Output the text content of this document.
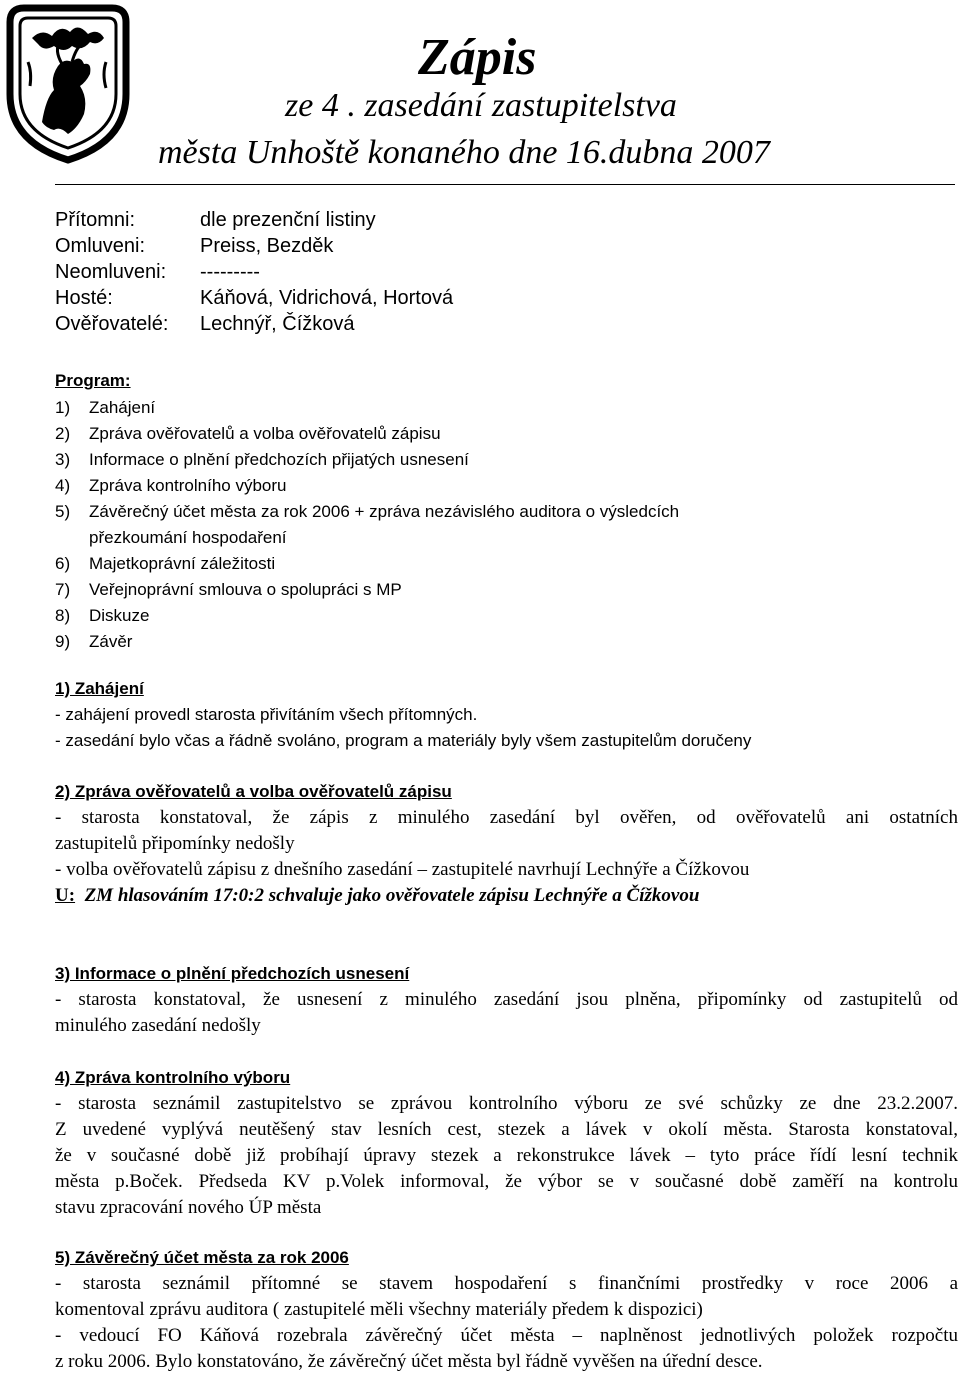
Zápis
ze 4 . zasedání zastupitelstva
města Unhoště konaného dne 16.dubna 2007
Přítomni:	dle prezenční listiny
Omluveni:	Preiss, Bezděk
Neomluveni: ---------
Hosté:	Káňová, Vidrichová, Hortová
Ověřovatelé: Lechnýř, Čížková
Program:
1) Zahájení
2) Zpráva ověřovatelů a volba ověřovatelů zápisu
3) Informace o plnění předchozích přijatých usnesení
4) Zpráva kontrolního výboru
5) Závěrečný účet města za rok 2006 + zpráva nezávislého auditora o výsledcích
přezkoumání hospodaření
6) Majetkoprávní záležitosti
7) Veřejnoprávní smlouva o spolupráci s MP
8) Diskuze
9) Závěr

1) Zahájení

- zahájení provedl starosta přivítáním všech přítomných.

- zasedání bylo včas a řádně svoláno, program a materiály byly všem zastupitelům doručeny

2) Zpráva ověřovatelů a volba ověřovatelů zápisu

- starosta konstatoval, že zápis z minulého zasedání byl ověřen, od ověřovatelů ani ostatních

zastupitelů připomínky nedošly

- volba ověřovatelů zápisu z dnešního zasedání – zastupitelé navrhují Lechnýře a Čížkovou

U: ZM hlasováním 17:0:2 schvaluje jako ověřovatele zápisu Lechnýře a Čížkovou

3) Informace o plnění předchozích usnesení

- starosta konstatoval, že usnesení z minulého zasedání jsou plněna, připomínky od zastupitelů od

minulého zasedání nedošly

4) Zpráva kontrolního výboru

- starosta seznámil zastupitelstvo se zprávou kontrolního výboru ze své schůzky ze dne 23.2.2007.

Z uvedené vyplývá neutěšený stav lesních cest, stezek a lávek v okolí města. Starosta konstatoval,

že v současné době již probíhají úpravy stezek a rekonstrukce lávek – tyto práce řídí lesní technik

města p.Boček. Předseda KV p.Volek informoval, že výbor se v současné době zaměří na kontrolu

stavu zpracování nového ÚP města

5) Závěrečný účet města za rok 2006

- starosta seznámil přítomné se stavem hospodaření s finančními prostředky v roce 2006 a

komentoval zprávu auditora ( zastupitelé měli všechny materiály předem k dispozici)

- vedoucí FO Káňová rozebrala závěrečný účet města – naplněnost jednotlivých položek rozpočtu

z roku 2006. Bylo konstatováno, že závěrečný účet města byl řádně vyvěšen na úřední desce.
